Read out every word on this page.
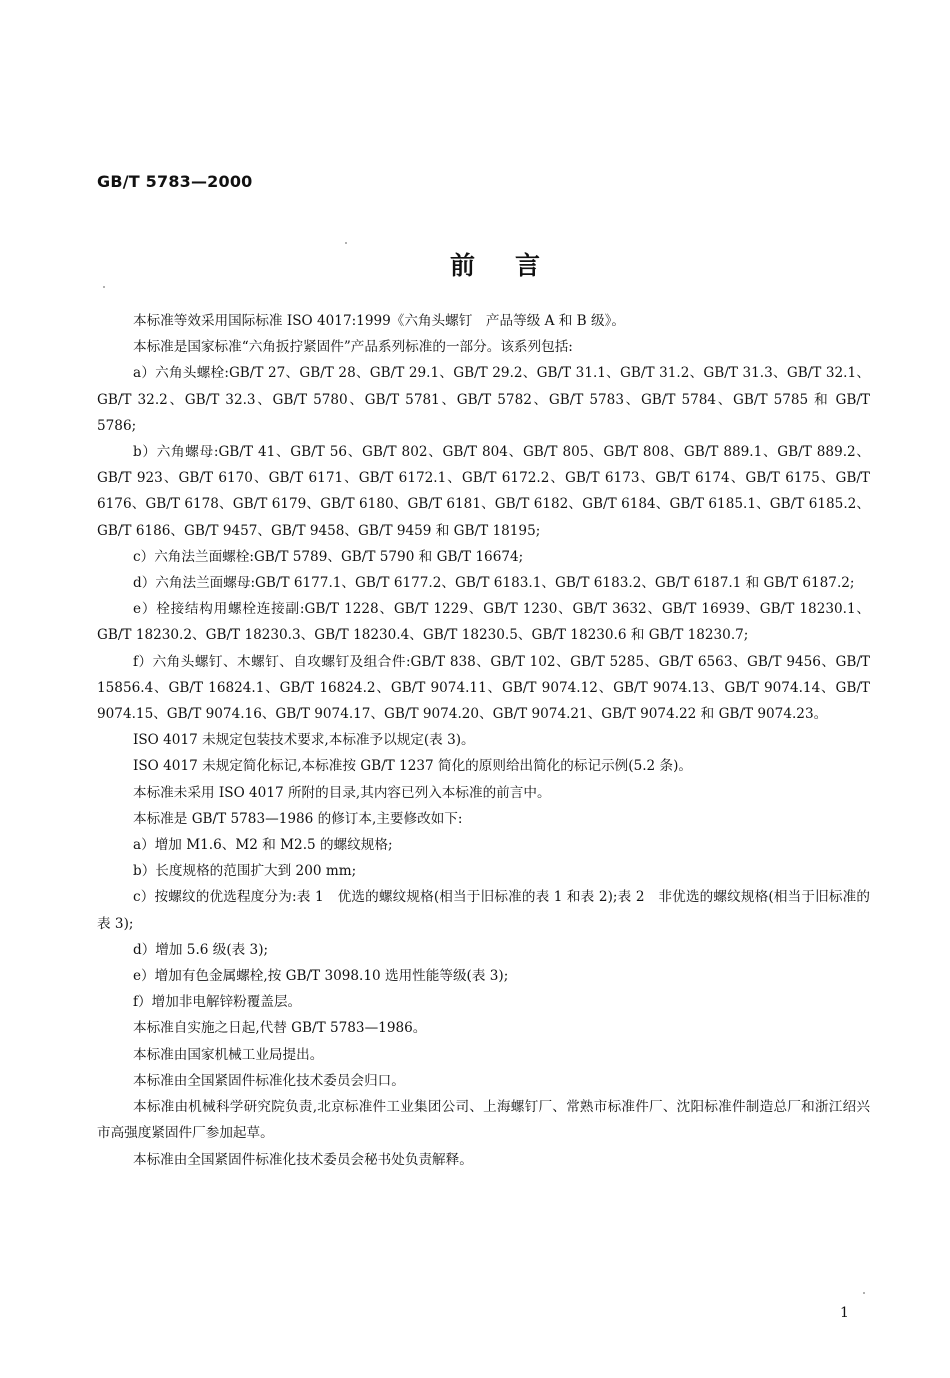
GB/T 5783—2000
前言

本标准等效采用国际标准 ISO 4017:1999《六角头螺钉　产品等级 A 和 B 级》。

本标准是国家标准“六角扳拧紧固件”产品系列标准的一部分。该系列包括:

a）六角头螺栓:GB/T 27、GB/T 28、GB/T 29.1、GB/T 29.2、GB/T 31.1、GB/T 31.2、GB/T 31.3、GB/T 32.1、GB/T 32.2、GB/T 32.3、GB/T 5780、GB/T 5781、GB/T 5782、GB/T 5783、GB/T 5784、GB/T 5785 和 GB/T 5786;

b）六角螺母:GB/T 41、GB/T 56、GB/T 802、GB/T 804、GB/T 805、GB/T 808、GB/T 889.1、GB/T 889.2、GB/T 923、GB/T 6170、GB/T 6171、GB/T 6172.1、GB/T 6172.2、GB/T 6173、GB/T 6174、GB/T 6175、GB/T 6176、GB/T 6178、GB/T 6179、GB/T 6180、GB/T 6181、GB/T 6182、GB/T 6184、GB/T 6185.1、GB/T 6185.2、GB/T 6186、GB/T 9457、GB/T 9458、GB/T 9459 和 GB/T 18195;

c）六角法兰面螺栓:GB/T 5789、GB/T 5790 和 GB/T 16674;

d）六角法兰面螺母:GB/T 6177.1、GB/T 6177.2、GB/T 6183.1、GB/T 6183.2、GB/T 6187.1 和 GB/T 6187.2;

e）栓接结构用螺栓连接副:GB/T 1228、GB/T 1229、GB/T 1230、GB/T 3632、GB/T 16939、GB/T 18230.1、GB/T 18230.2、GB/T 18230.3、GB/T 18230.4、GB/T 18230.5、GB/T 18230.6 和 GB/T 18230.7;

f）六角头螺钉、木螺钉、自攻螺钉及组合件:GB/T 838、GB/T 102、GB/T 5285、GB/T 6563、GB/T 9456、GB/T 15856.4、GB/T 16824.1、GB/T 16824.2、GB/T 9074.11、GB/T 9074.12、GB/T 9074.13、GB/T 9074.14、GB/T 9074.15、GB/T 9074.16、GB/T 9074.17、GB/T 9074.20、GB/T 9074.21、GB/T 9074.22 和 GB/T 9074.23。

ISO 4017 未规定包装技术要求,本标准予以规定(表 3)。

ISO 4017 未规定简化标记,本标准按 GB/T 1237 简化的原则给出简化的标记示例(5.2 条)。

本标准未采用 ISO 4017 所附的目录,其内容已列入本标准的前言中。

本标准是 GB/T 5783—1986 的修订本,主要修改如下:

a）增加 M1.6、M2 和 M2.5 的螺纹规格;

b）长度规格的范围扩大到 200 mm;

c）按螺纹的优选程度分为:表 1　优选的螺纹规格(相当于旧标准的表 1 和表 2);表 2　非优选的螺纹规格(相当于旧标准的表 3);

d）增加 5.6 级(表 3);

e）增加有色金属螺栓,按 GB/T 3098.10 选用性能等级(表 3);

f）增加非电解锌粉覆盖层。

本标准自实施之日起,代替 GB/T 5783—1986。

本标准由国家机械工业局提出。

本标准由全国紧固件标准化技术委员会归口。

本标准由机械科学研究院负责,北京标准件工业集团公司、上海螺钉厂、常熟市标准件厂、沈阳标准件制造总厂和浙江绍兴市高强度紧固件厂参加起草。

本标准由全国紧固件标准化技术委员会秘书处负责解释。

1
